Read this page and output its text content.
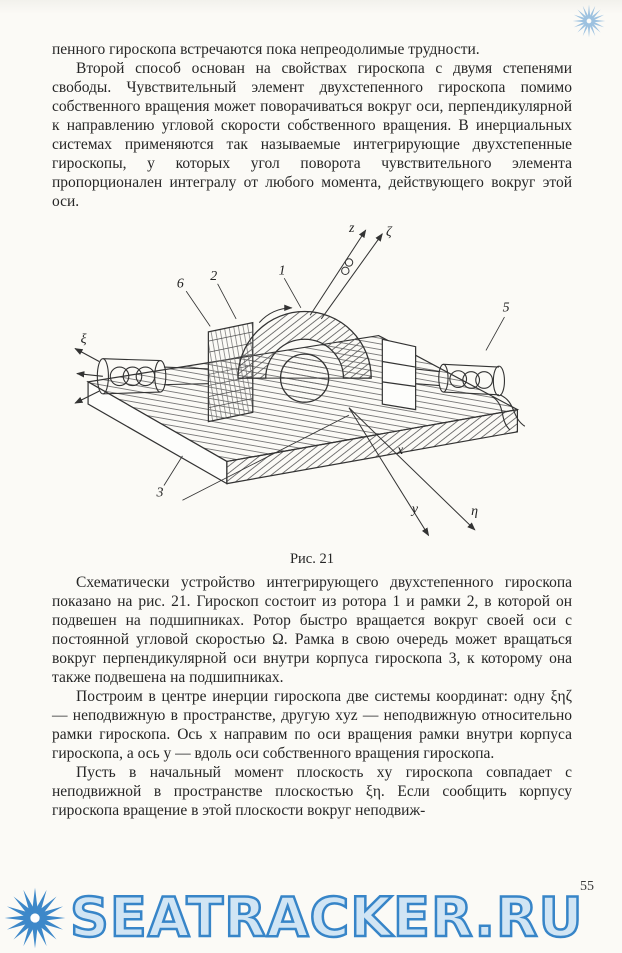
пенного гироскопа встречаются пока непреодолимые трудности.

Второй способ основан на свойствах гироскопа с двумя степенями свободы. Чувствительный элемент двухстепенного гироскопа помимо собственного вращения может поворачиваться вокруг оси, перпендикулярной к направлению угловой скорости собственного вращения. В инерциальных системах применяются так называемые интегрирующие двухстепенные гироскопы, у которых угол поворота чувствительного элемента пропорционален интегралу от любого момента, действующего вокруг этой оси.

1
2
6
3
5
z ζ
x
y	η
ξ
Рис. 21

Схематически устройство интегрирующего двухстепенного гироскопа показано на рис. 21. Гироскоп состоит из ротора 1 и рамки 2, в которой он подвешен на подшипниках. Ротор быстро вращается вокруг своей оси с постоянной угловой скоростью Ω. Рамка в свою очередь может вращаться вокруг перпендикулярной оси внутри корпуса гироскопа 3, к которому она также подвешена на подшипниках.

Построим в центре инерции гироскопа две системы координат: одну ξηζ — неподвижную в пространстве, другую xyz — неподвижную относительно рамки гироскопа. Ось x направим по оси вращения рамки внутри корпуса гироскопа, а ось y — вдоль оси собственного вращения гироскопа.

Пусть в начальный момент плоскость xy гироскопа совпадает с неподвижной в пространстве плоскостью ξη. Если сообщить корпусу гироскопа вращение в этой плоскости вокруг неподвиж-

55
SEATRACKER.RU
